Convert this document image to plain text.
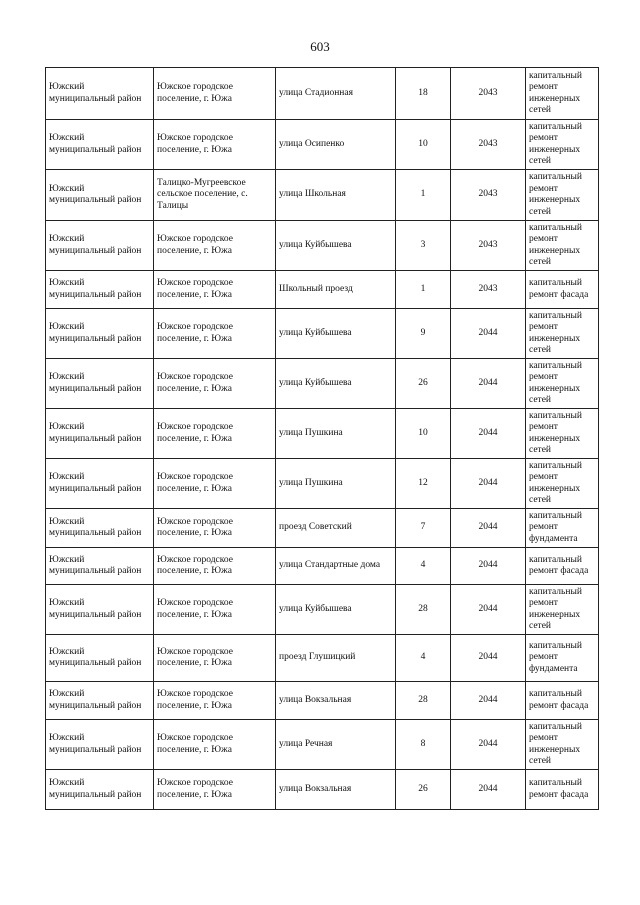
603
Южский муниципальный район	Южское городское поселение, г. Южа	улица Стадионная	18	2043	капитальный ремонт инженерных сетей
Южский муниципальный район	Южское городское поселение, г. Южа	улица Осипенко	10	2043	капитальный ремонт инженерных сетей
Южский муниципальный район	Талицко-Мугреевское сельское поселение, с. Талицы	улица Школьная	1	2043	капитальный ремонт инженерных сетей
Южский муниципальный район	Южское городское поселение, г. Южа	улица Куйбышева	3	2043	капитальный ремонт инженерных сетей
Южский муниципальный район	Южское городское поселение, г. Южа	Школьный проезд	1	2043	капитальный ремонт фасада
Южский муниципальный район	Южское городское поселение, г. Южа	улица Куйбышева	9	2044	капитальный ремонт инженерных сетей
Южский муниципальный район	Южское городское поселение, г. Южа	улица Куйбышева	26	2044	капитальный ремонт инженерных сетей
Южский муниципальный район	Южское городское поселение, г. Южа	улица Пушкина	10	2044	капитальный ремонт инженерных сетей
Южский муниципальный район	Южское городское поселение, г. Южа	улица Пушкина	12	2044	капитальный ремонт инженерных сетей
Южский муниципальный район	Южское городское поселение, г. Южа	проезд Советский	7	2044	капитальный ремонт фундамента
Южский муниципальный район	Южское городское поселение, г. Южа	улица Стандартные дома	4	2044	капитальный ремонт фасада
Южский муниципальный район	Южское городское поселение, г. Южа	улица Куйбышева	28	2044	капитальный ремонт инженерных сетей
Южский муниципальный район	Южское городское поселение, г. Южа	проезд Глушицкий	4	2044	капитальный ремонт фундамента
Южский муниципальный район	Южское городское поселение, г. Южа	улица Вокзальная	28	2044	капитальный ремонт фасада
Южский муниципальный район	Южское городское поселение, г. Южа	улица Речная	8	2044	капитальный ремонт инженерных сетей
Южский муниципальный район	Южское городское поселение, г. Южа	улица Вокзальная	26	2044	капитальный ремонт фасада
